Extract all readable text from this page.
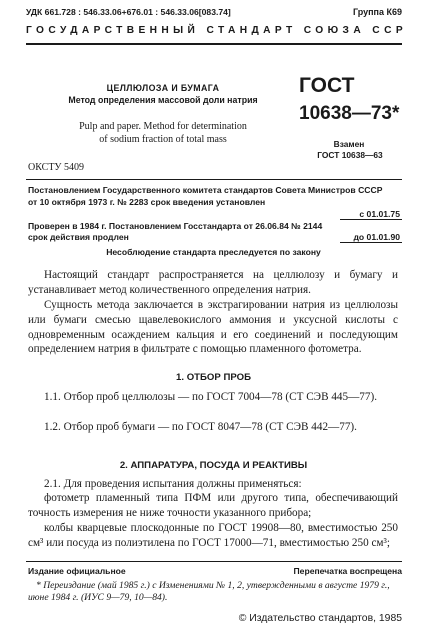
УДК 661.728 : 546.33.06+676.01 : 546.33.06[083.74]	Группа К69
ГОСУДАРСТВЕННЫЙ СТАНДАРТ СОЮЗА ССР
ЦЕЛЛЮЛОЗА И БУМАГА
Метод определения массовой доли натрия
Pulp and paper. Method for determination
of sodium fraction of total mass
ГОСТ
10638—73*
Взамен
ГОСТ 10638—63
ОКСТУ 5409
Постановлением Государственного комитета стандартов Совета Министров СССР
от 10 октября 1973 г. № 2283 срок введения установлен
с 01.01.75
Проверен в 1984 г. Постановлением Госстандарта от 26.06.84 № 2144
срок действия продлен	до 01.01.90
Несоблюдение стандарта преследуется по закону
Настоящий стандарт распространяется на целлюлозу и бумагу и устанавливает метод количественного определения натрия.
Сущность метода заключается в экстрагировании натрия из целлюлозы или бумаги смесью щавелевокислого аммония и уксусной кислоты с одновременным осаждением кальция и его соединений и последующим определением натрия в фильтрате с помощью пламенного фотометра.
1. ОТБОР ПРОБ
1.1. Отбор проб целлюлозы — по ГОСТ 7004—78 (СТ СЭВ 445—77).
1.2. Отбор проб бумаги — по ГОСТ 8047—78 (СТ СЭВ 442—77).
2. АППАРАТУРА, ПОСУДА И РЕАКТИВЫ
2.1. Для проведения испытания должны применяться:
фотометр пламенный типа ПФМ или другого типа, обеспечивающий точность измерения не ниже точности указанного прибора;
колбы кварцевые плоскодонные по ГОСТ 19908—80, вместимостью 250 см³ или посуда из полиэтилена по ГОСТ 17000—71, вместимостью 250 см³;
Издание официальное	Перепечатка воспрещена
* Переиздание (май 1985 г.) с Изменениями № 1, 2, утвержденными в августе 1979 г., июне 1984 г. (ИУС 9—79, 10—84).
© Издательство стандартов, 1985
